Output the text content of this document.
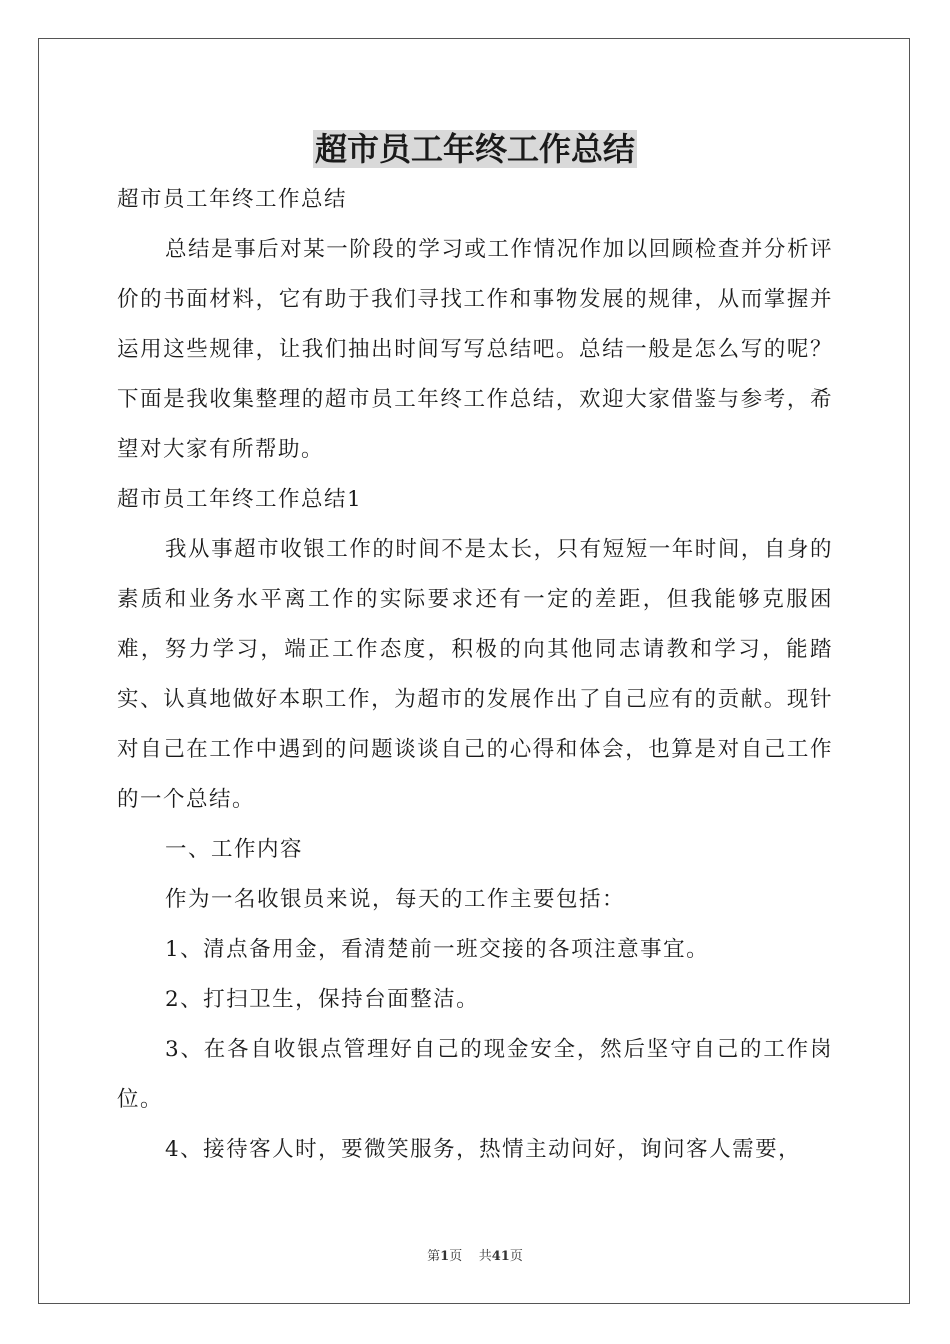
超市员工年终工作总结

超市员工年终工作总结

总结是事后对某一阶段的学习或工作情况作加以回顾检查并分析评价的书面材料，它有助于我们寻找工作和事物发展的规律，从而掌握并运用这些规律，让我们抽出时间写写总结吧。总结一般是怎么写的呢？下面是我收集整理的超市员工年终工作总结，欢迎大家借鉴与参考，希望对大家有所帮助。

超市员工年终工作总结1

我从事超市收银工作的时间不是太长，只有短短一年时间，自身的素质和业务水平离工作的实际要求还有一定的差距，但我能够克服困难，努力学习，端正工作态度，积极的向其他同志请教和学习，能踏实、认真地做好本职工作，为超市的发展作出了自己应有的贡献。现针对自己在工作中遇到的问题谈谈自己的心得和体会，也算是对自己工作的一个总结。

一、工作内容

作为一名收银员来说，每天的工作主要包括：

1、清点备用金，看清楚前一班交接的各项注意事宜。

2、打扫卫生，保持台面整洁。

3、在各自收银点管理好自己的现金安全，然后坚守自己的工作岗位。

4、接待客人时，要微笑服务，热情主动问好，询问客人需要，

第1页 共41页
